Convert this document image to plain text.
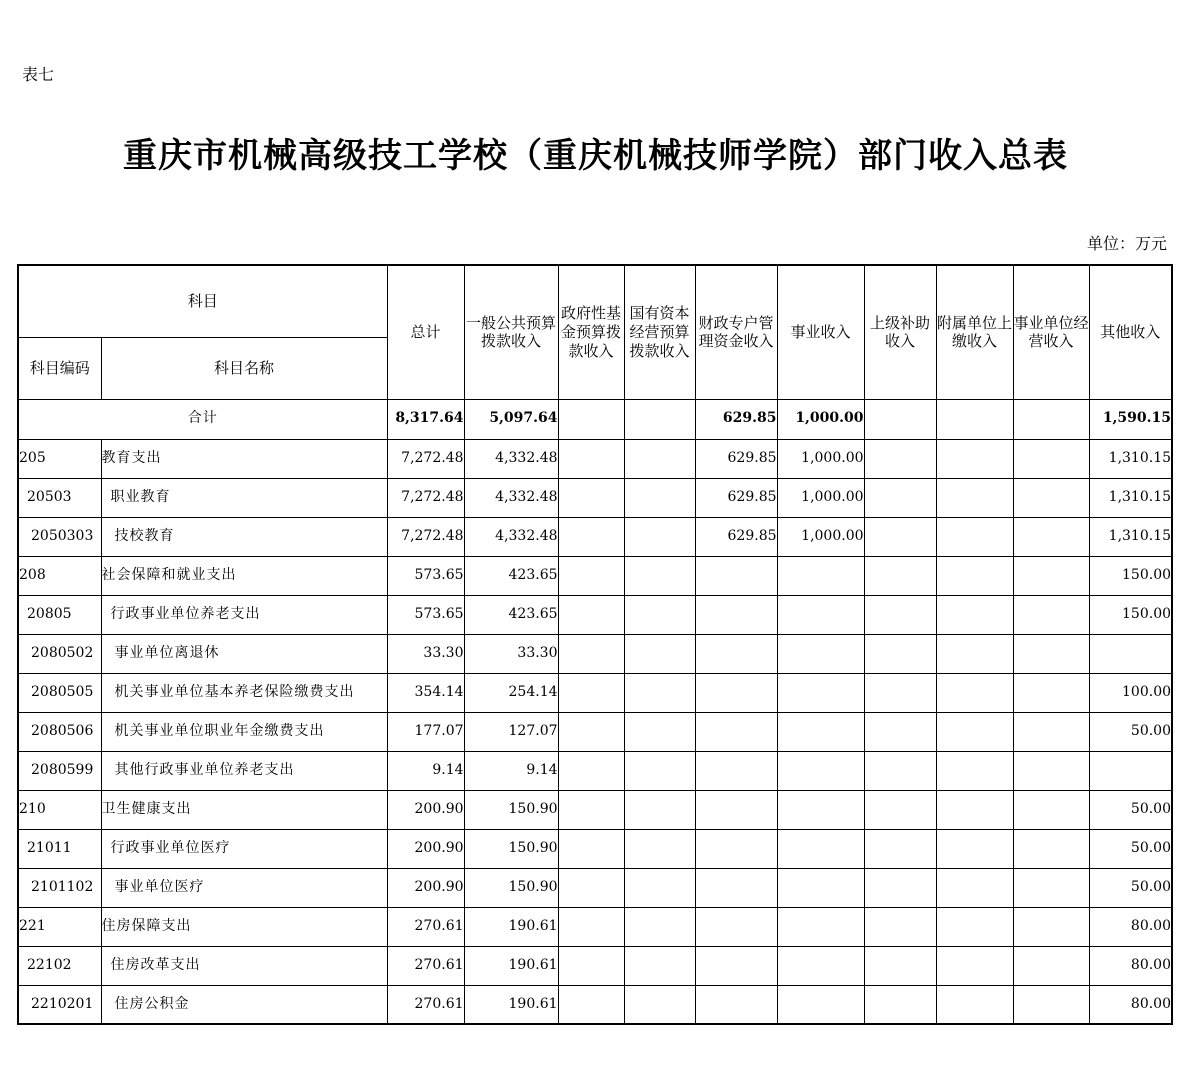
表七
重庆市机械高级技工学校（重庆机械技师学院）部门收入总表
单位：万元
科目		总计	一般公共预算拨款收入	政府性基金预算拨款收入	国有资本经营预算拨款收入	财政专户管理资金收入	事业收入	上级补助收入	附属单位上缴收入	事业单位经营收入	其他收入
科目编码	科目名称										
合计		8,317.64	5,097.64			629.85	1,000.00				1,590.15
205	教育支出	7,272.48	4,332.48			629.85	1,000.00				1,310.15
20503	职业教育	7,272.48	4,332.48			629.85	1,000.00				1,310.15
2050303	技校教育	7,272.48	4,332.48			629.85	1,000.00				1,310.15
208	社会保障和就业支出	573.65	423.65								150.00
20805	行政事业单位养老支出	573.65	423.65								150.00
2080502	事业单位离退休	33.30	33.30								
2080505	机关事业单位基本养老保险缴费支出	354.14	254.14								100.00
2080506	机关事业单位职业年金缴费支出	177.07	127.07								50.00
2080599	其他行政事业单位养老支出	9.14	9.14								
210	卫生健康支出	200.90	150.90								50.00
21011	行政事业单位医疗	200.90	150.90								50.00
2101102	事业单位医疗	200.90	150.90								50.00
221	住房保障支出	270.61	190.61								80.00
22102	住房改革支出	270.61	190.61								80.00
2210201	住房公积金	270.61	190.61								80.00
